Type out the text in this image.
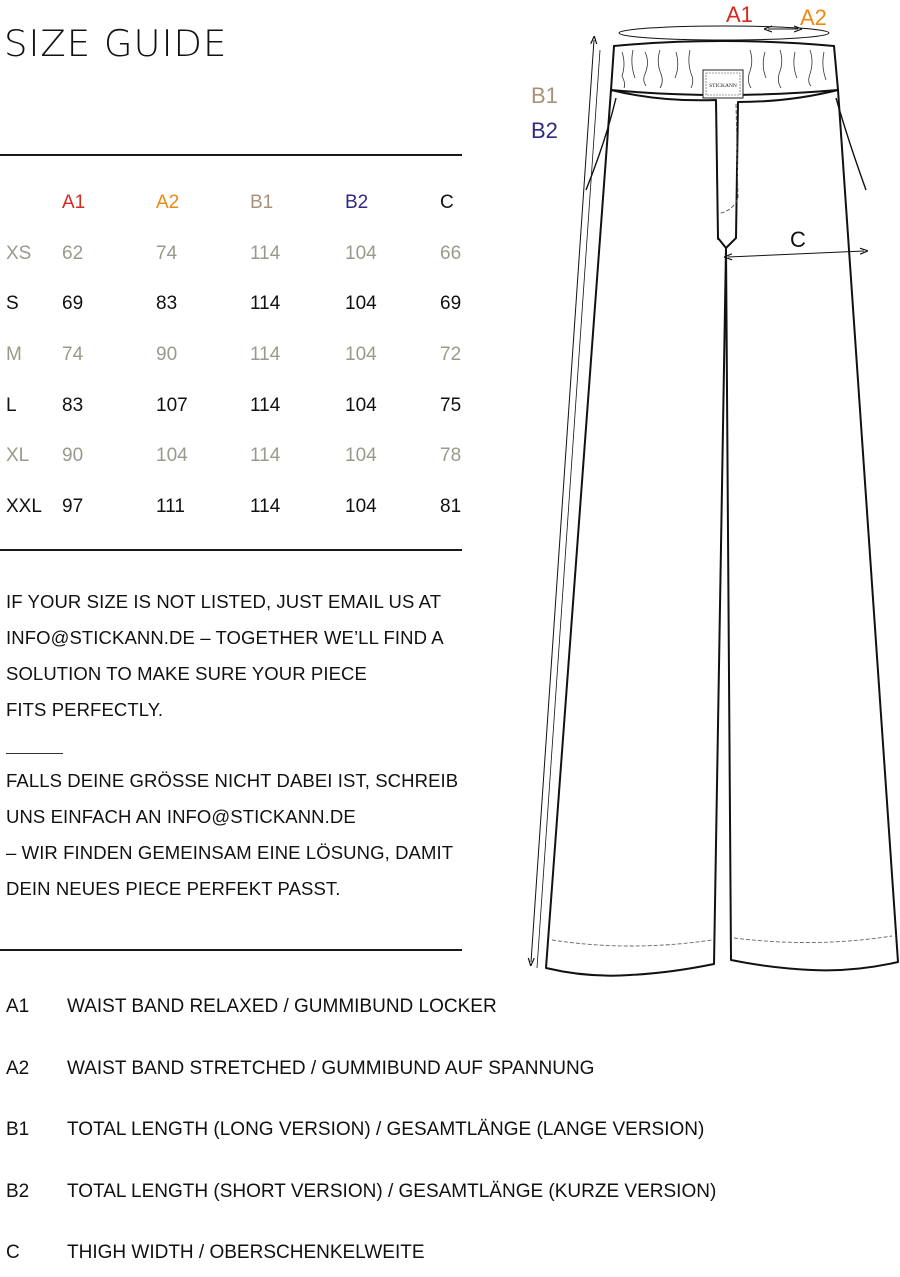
SIZE GUIDE
	A1	A2	B1	B2	C
XS	62	74	114	104	66
S	69	83	114	104	69
M	74	90	114	104	72
L	83	107	114	104	75
XL	90	104	114	104	78
XXL	97	111	114	104	81
IF YOUR SIZE IS NOT LISTED, JUST EMAIL US AT
INFO@STICKANN.DE – TOGETHER WE’LL FIND A
SOLUTION TO MAKE SURE YOUR PIECE
FITS PERFECTLY.
FALLS DEINE GRÖSSE NICHT DABEI IST, SCHREIB
UNS EINFACH AN INFO@STICKANN.DE
– WIR FINDEN GEMEINSAM EINE LÖSUNG, DAMIT
DEIN NEUES PIECE PERFEKT PASST.
A1 WAIST BAND RELAXED / GUMMIBUND LOCKER
A2 WAIST BAND STRETCHED / GUMMIBUND AUF SPANNUNG
B1 TOTAL LENGTH (LONG VERSION) / GESAMTLÄNGE (LANGE VERSION)
B2 TOTAL LENGTH (SHORT VERSION) / GESAMTLÄNGE (KURZE VERSION)
C THIGH WIDTH / OBERSCHENKELWEITE
STICKANN
A1 A2
B1
B2
C
